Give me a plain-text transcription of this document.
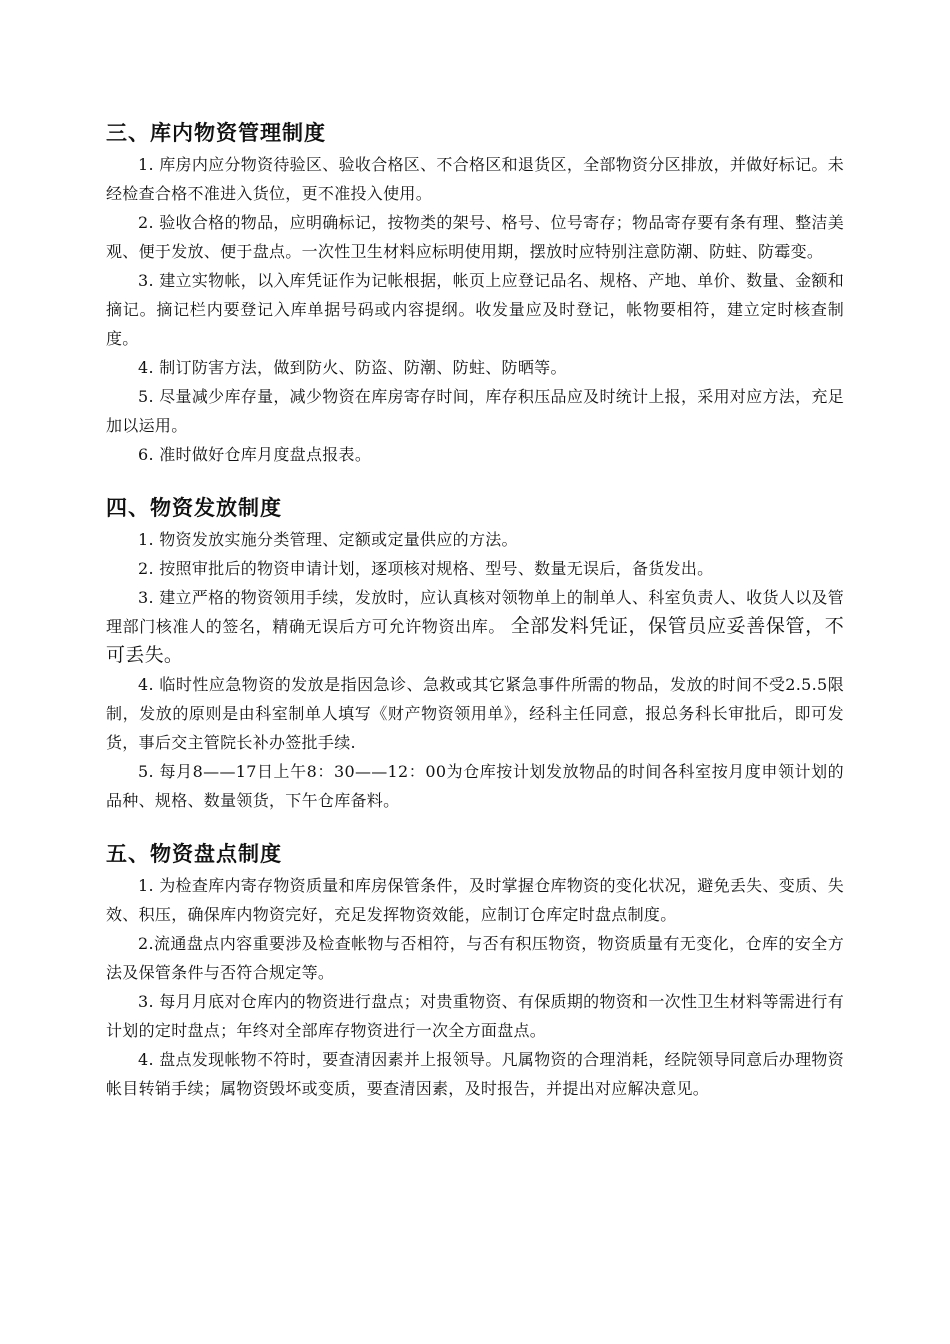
三、库内物资管理制度

1. 库房内应分物资待验区、验收合格区、不合格区和退货区，全部物资分区排放，并做好标记。未经检查合格不准进入货位，更不准投入使用。

2. 验收合格的物品，应明确标记，按物类的架号、格号、位号寄存；物品寄存要有条有理、整洁美观、便于发放、便于盘点。一次性卫生材料应标明使用期，摆放时应特别注意防潮、防蛀、防霉变。

3. 建立实物帐，以入库凭证作为记帐根据，帐页上应登记品名、规格、产地、单价、数量、金额和摘记。摘记栏内要登记入库单据号码或内容提纲。收发量应及时登记，帐物要相符，建立定时核查制度。

4. 制订防害方法，做到防火、防盗、防潮、防蛀、防晒等。

5. 尽量减少库存量，减少物资在库房寄存时间，库存积压品应及时统计上报，采用对应方法，充足加以运用。

6. 准时做好仓库月度盘点报表。

四、物资发放制度

1. 物资发放实施分类管理、定额或定量供应的方法。

2. 按照审批后的物资申请计划，逐项核对规格、型号、数量无误后，备货发出。

3. 建立严格的物资领用手续，发放时，应认真核对领物单上的制单人、科室负责人、收货人以及管理部门核准人的签名，精确无误后方可允许物资出库。 全部发料凭证，保管员应妥善保管，不可丢失。

4. 临时性应急物资的发放是指因急诊、急救或其它紧急事件所需的物品，发放的时间不受2.5.5限制，发放的原则是由科室制单人填写《财产物资领用单》，经科主任同意，报总务科长审批后，即可发货，事后交主管院长补办签批手续.

5. 每月8——17日上午8：30——12：00为仓库按计划发放物品的时间各科室按月度申领计划的品种、规格、数量领货，下午仓库备料。

五、物资盘点制度

1. 为检查库内寄存物资质量和库房保管条件，及时掌握仓库物资的变化状况，避免丢失、变质、失效、积压，确保库内物资完好，充足发挥物资效能，应制订仓库定时盘点制度。

2.流通盘点内容重要涉及检查帐物与否相符，与否有积压物资，物资质量有无变化，仓库的安全方法及保管条件与否符合规定等。

3. 每月月底对仓库内的物资进行盘点；对贵重物资、有保质期的物资和一次性卫生材料等需进行有计划的定时盘点；年终对全部库存物资进行一次全方面盘点。

4. 盘点发现帐物不符时，要查清因素并上报领导。凡属物资的合理消耗，经院领导同意后办理物资帐目转销手续；属物资毁坏或变质，要查清因素，及时报告，并提出对应解决意见。
